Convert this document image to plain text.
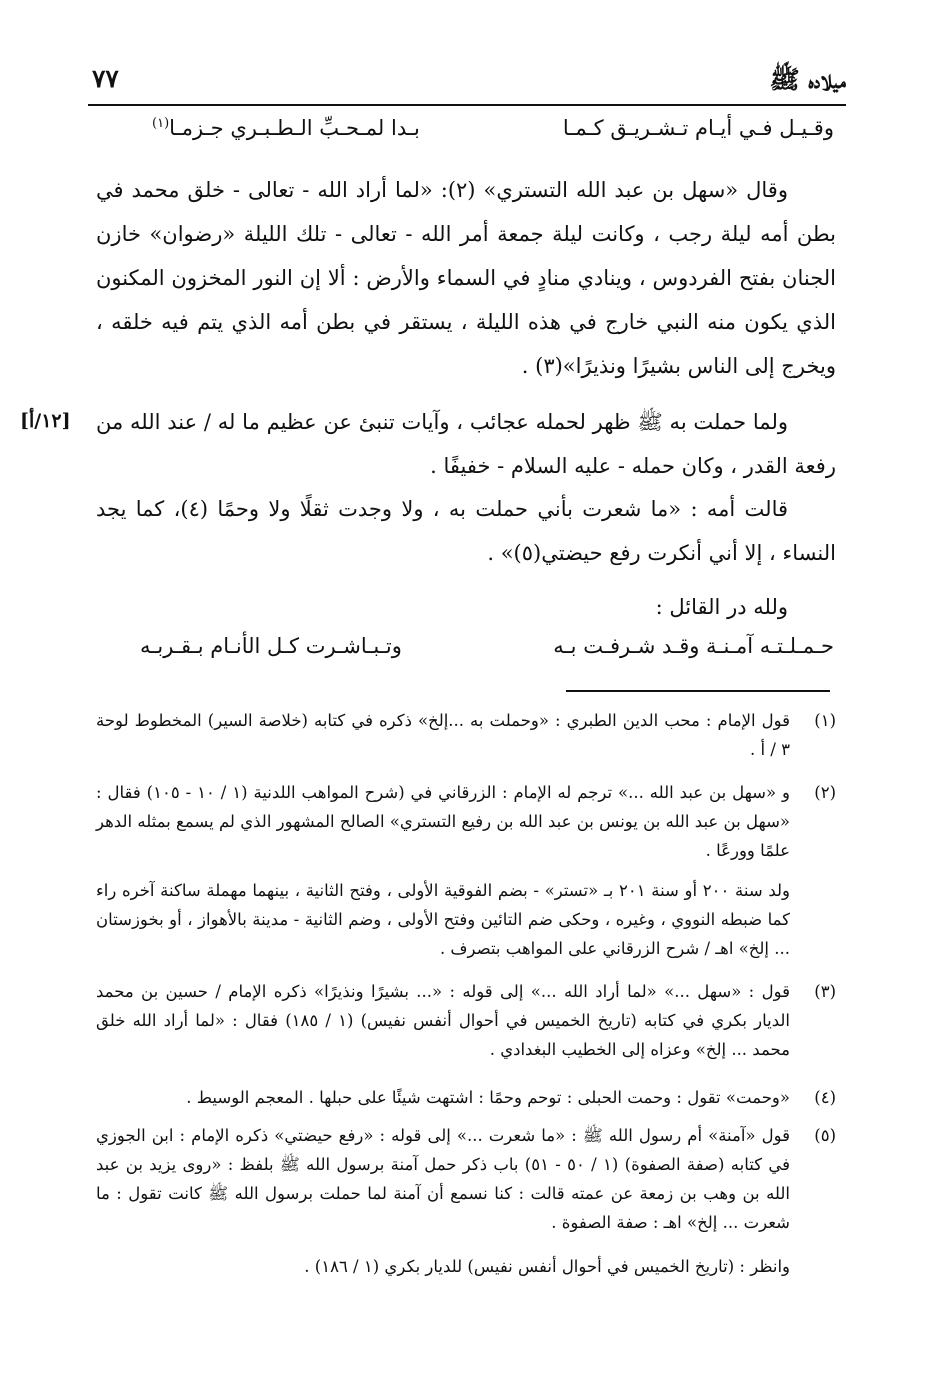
٧٧	ميلاده ﷺ
وقـيـل فـي أيـام تـشـريـق كـمـا
بـدا لمـحـبِّ الـطـبـري جـزمـا$^{(١)}$
وقال «سهل بن عبد الله التستري» (٢): «لما أراد الله - تعالى - خلق محمد في بطن أمه ليلة رجب ، وكانت ليلة جمعة أمر الله - تعالى - تلك الليلة «رضوان» خازن الجنان بفتح الفردوس ، وينادي منادٍ في السماء والأرض : ألا إن النور المخزون المكنون الذي يكون منه النبي خارج في هذه الليلة ، يستقر في بطن أمه الذي يتم فيه خلقه ، ويخرج إلى الناس بشيرًا ونذيرًا»(٣) .
[١٢/أ] ولما حملت به ﷺ ظهر لحمله عجائب ، وآيات تنبئ عن عظيم ما له / عند الله من رفعة القدر ، وكان حمله - عليه السلام - خفيفًا .
قالت أمه : «ما شعرت بأني حملت به ، ولا وجدت ثقلًا ولا وحمًا (٤)، كما يجد النساء ، إلا أني أنكرت رفع حيضتي(٥)» .
ولله در القائل :
حـمـلـتـه آمـنـة وقـد شـرفـت بـه
وتـبـاشـرت كـل الأنـام بـقـربـه
(١)
قول الإمام : محب الدين الطبري : «وحملت به ...إلخ» ذكره في كتابه (خلاصة السير) المخطوط لوحة ٣ / أ .
(٢)
و «سهل بن عبد الله ...» ترجم له الإمام : الزرقاني في (شرح المواهب اللدنية (١ / ١٠ - ١٠٥) فقال : «سهل بن عبد الله بن يونس بن عبد الله بن رفيع التستري» الصالح المشهور الذي لم يسمع بمثله الدهر علمًا وورعًا .
ولد سنة ٢٠٠ أو سنة ٢٠١ بـ «تستر» - بضم الفوقية الأولى ، وفتح الثانية ، بينهما مهملة ساكنة آخره راء كما ضبطه النووي ، وغيره ، وحكى ضم التائين وفتح الأولى ، وضم الثانية - مدينة بالأهواز ، أو بخوزستان ... إلخ» اهـ / شرح الزرقاني على المواهب بتصرف .
(٣)
قول : «سهل ...» «لما أراد الله ...» إلى قوله : «... بشيرًا ونذيرًا» ذكره الإمام / حسين بن محمد الديار بكري في كتابه (تاريخ الخميس في أحوال أنفس نفيس) (١ / ١٨٥) فقال : «لما أراد الله خلق محمد ... إلخ» وعزاه إلى الخطيب البغدادي .
(٤)
«وحمت» تقول : وحمت الحبلى : توحم وحمًا : اشتهت شيئًا على حبلها . المعجم الوسيط .
(٥)
قول «آمنة» أم رسول الله ﷺ : «ما شعرت ...» إلى قوله : «رفع حيضتي» ذكره الإمام : ابن الجوزي في كتابه (صفة الصفوة) (١ / ٥٠ - ٥١) باب ذكر حمل آمنة برسول الله ﷺ بلفظ : «روى يزيد بن عبد الله بن وهب بن زمعة عن عمته قالت : كنا نسمع أن آمنة لما حملت برسول الله ﷺ كانت تقول : ما شعرت ... إلخ» اهـ : صفة الصفوة .
وانظر : (تاريخ الخميس في أحوال أنفس نفيس) للديار بكري (١ / ١٨٦) .
